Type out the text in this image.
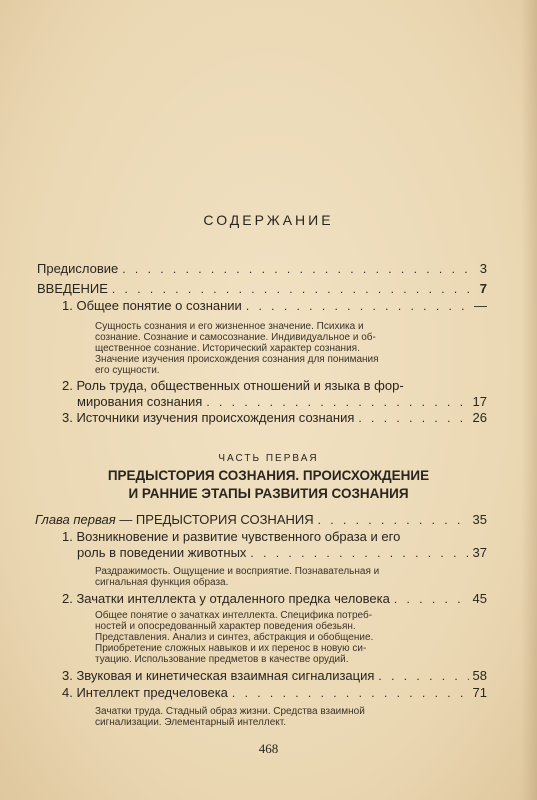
СОДЕРЖАНИЕ
Предисловие . . .	3
ВВЕДЕНИЕ . . .	7
1. Общее понятие о сознании . . .	—
Сущность сознания и его жизненное значение. Психика и
сознание. Сознание и самосознание. Индивидуальное и об-
щественное сознание. Исторический характер сознания.
Значение изучения происхождения сознания для понимания
его сущности.
2. Роль труда, общественных отношений и языка в фор-
мирования сознания . . .	17
3. Источники изучения происхождения сознания . . .	26
ЧАСТЬ ПЕРВАЯ
ПРЕДЫСТОРИЯ СОЗНАНИЯ. ПРОИСХОЖДЕНИЕ
И РАННИЕ ЭТАПЫ РАЗВИТИЯ СОЗНАНИЯ
Глава первая — ПРЕДЫСТОРИЯ СОЗНАНИЯ . . .	35
1. Возникновение и развитие чувственного образа и его
роль в поведении животных . . .	37
Раздражимость. Ощущение и восприятие. Познавательная и
сигнальная функция образа.
2. Зачатки интеллекта у отдаленного предка человека . . .	45
Общее понятие о зачатках интеллекта. Специфика потреб-
ностей и опосредованный характер поведения обезьян.
Представления. Анализ и синтез, абстракция и обобщение.
Приобретение сложных навыков и их перенос в новую си-
туацию. Использование предметов в качестве орудий.
3. Звуковая и кинетическая взаимная сигнализация . . .	58
4. Интеллект предчеловека . . .	71
Зачатки труда. Стадный образ жизни. Средства взаимной
сигнализации. Элементарный интеллект.
468
